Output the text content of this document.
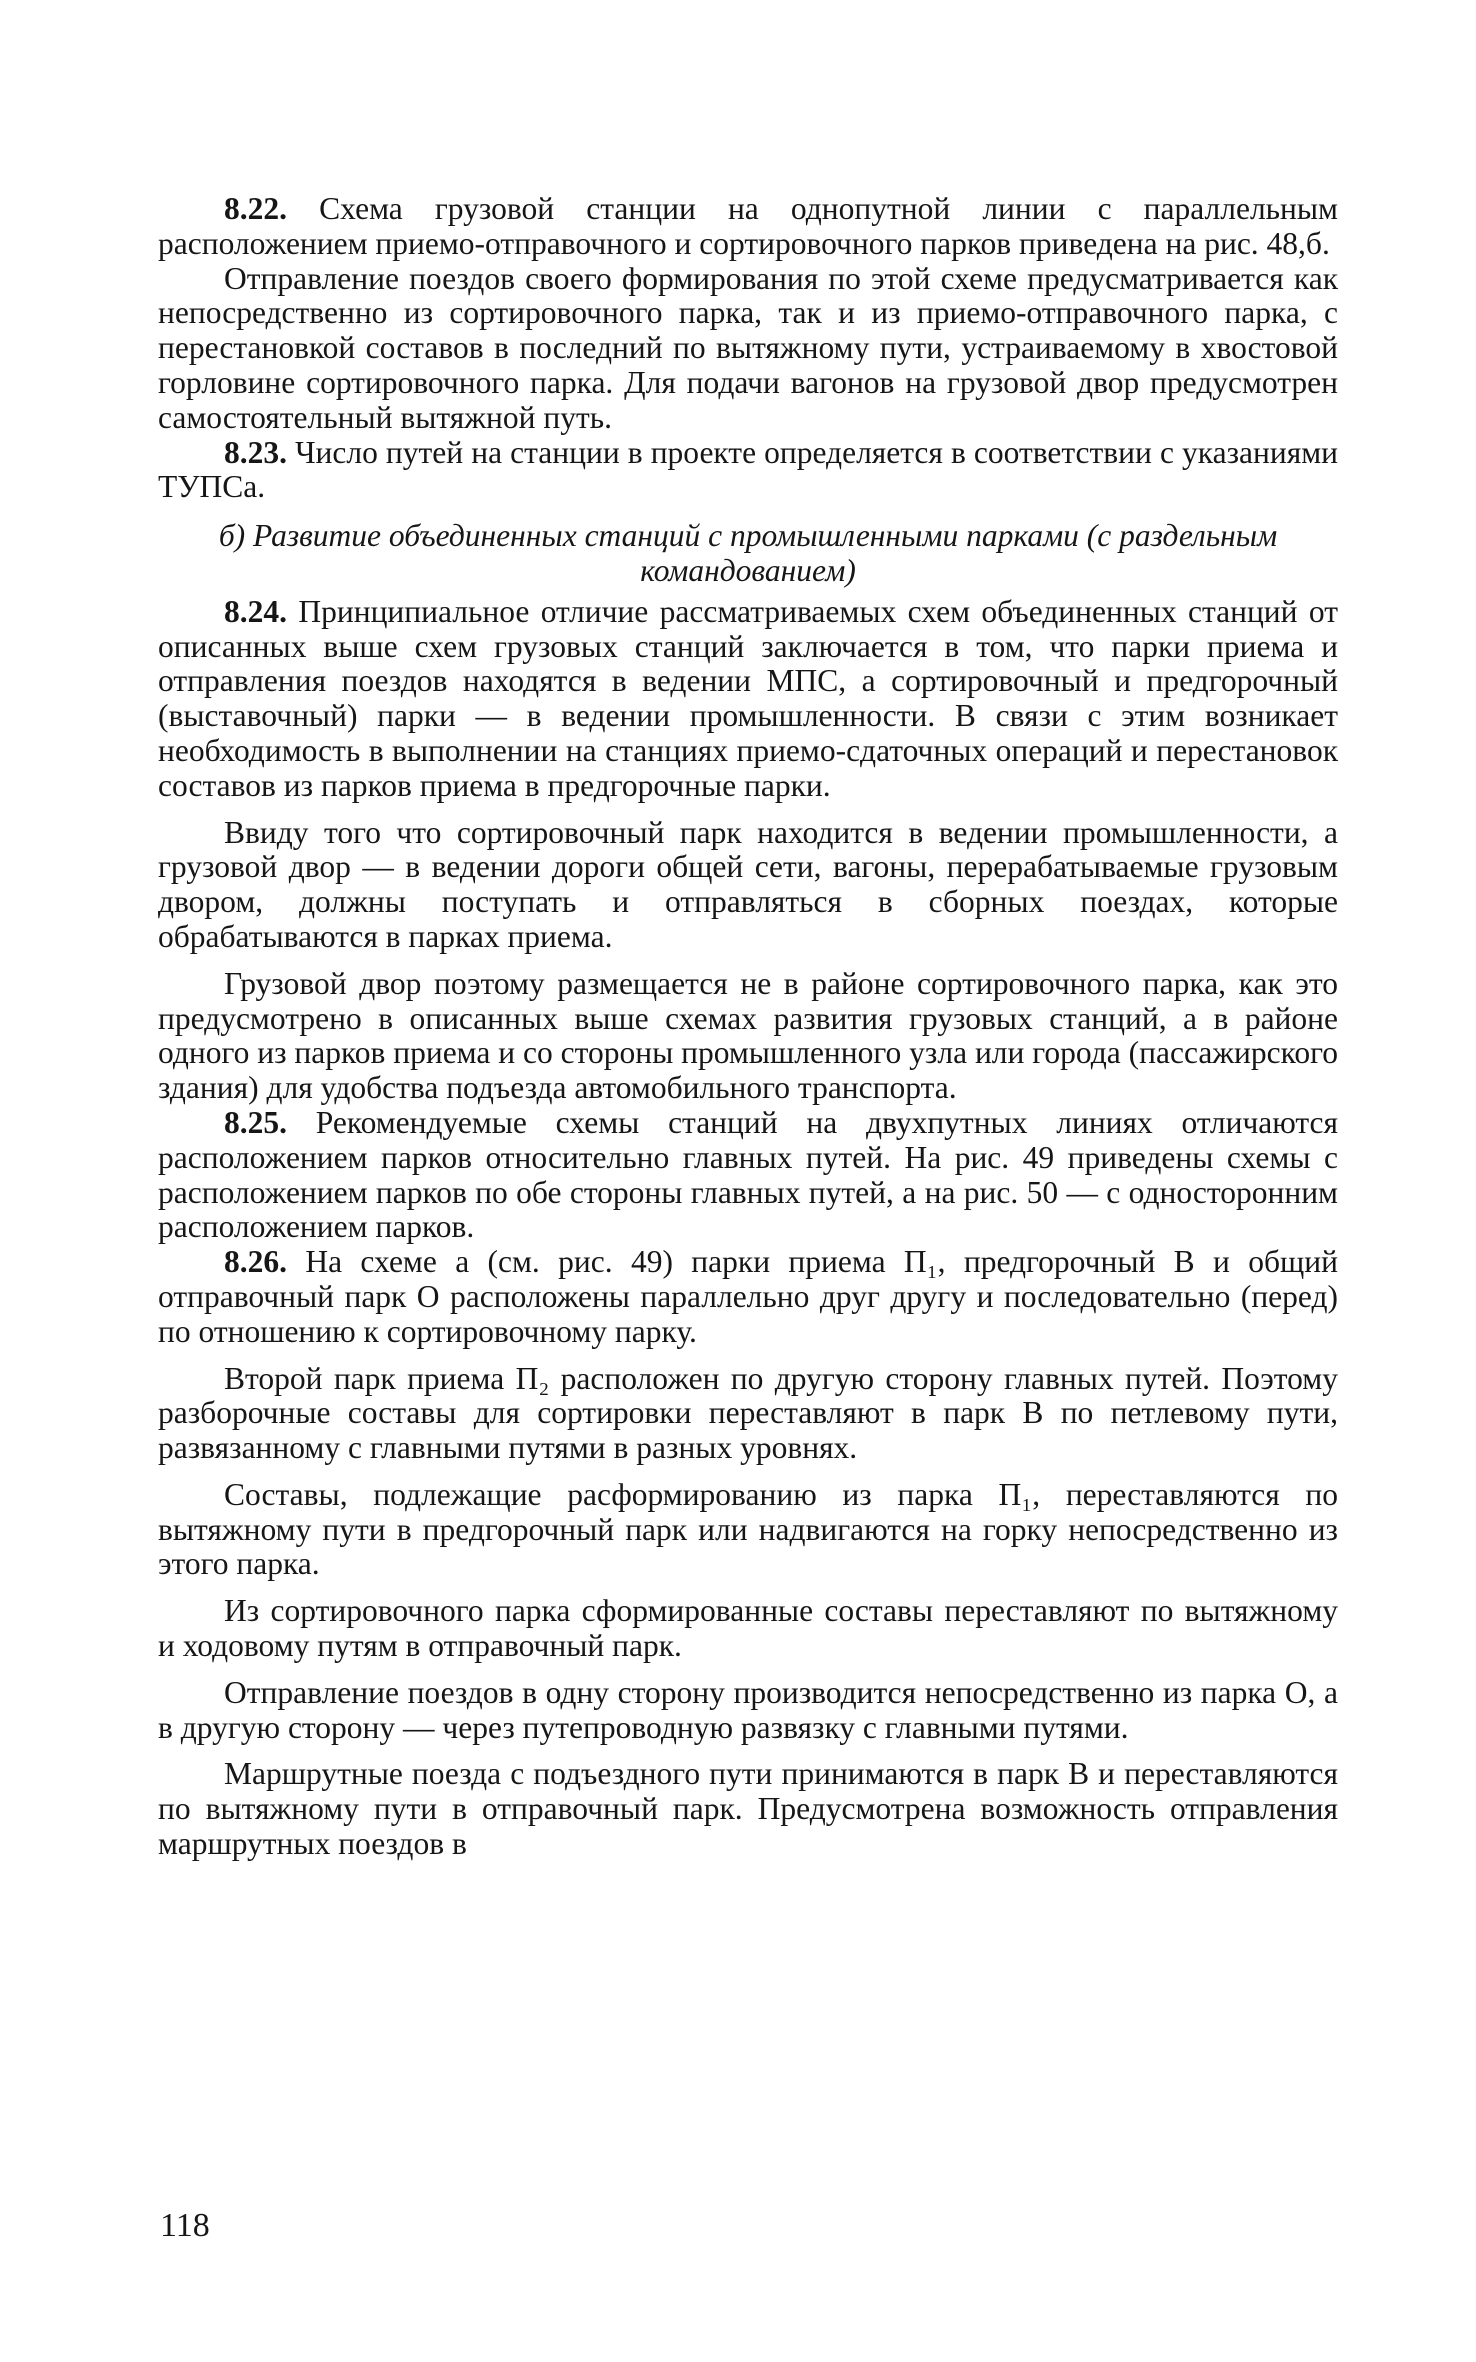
8.22. Схема грузовой станции на однопутной линии с параллельным расположением приемо-отправочного и сортировочного парков приведена на рис. 48,б.

Отправление поездов своего формирования по этой схеме предусматривается как непосредственно из сортировочного парка, так и из приемо-отправочного парка, с перестановкой составов в последний по вытяжному пути, устраиваемому в хвостовой горловине сортировочного парка. Для подачи вагонов на грузовой двор предусмотрен самостоятельный вытяжной путь.

8.23. Число путей на станции в проекте определяется в соответствии с указаниями ТУПСа.

б) Развитие объединенных станций с промышленными парками (с раздельным командованием)

8.24. Принципиальное отличие рассматриваемых схем объединенных станций от описанных выше схем грузовых станций заключается в том, что парки приема и отправления поездов находятся в ведении МПС, а сортировочный и предгорочный (выставочный) парки — в ведении промышленности. В связи с этим возникает необходимость в выполнении на станциях приемо-сдаточных операций и перестановок составов из парков приема в предгорочные парки.

Ввиду того что сортировочный парк находится в ведении промышленности, а грузовой двор — в ведении дороги общей сети, вагоны, перерабатываемые грузовым двором, должны поступать и отправляться в сборных поездах, которые обрабатываются в парках приема.

Грузовой двор поэтому размещается не в районе сортировочного парка, как это предусмотрено в описанных выше схемах развития грузовых станций, а в районе одного из парков приема и со стороны промышленного узла или города (пассажирского здания) для удобства подъезда автомобильного транспорта.

8.25. Рекомендуемые схемы станций на двухпутных линиях отличаются расположением парков относительно главных путей. На рис. 49 приведены схемы с расположением парков по обе стороны главных путей, а на рис. 50 — с односторонним расположением парков.

8.26. На схеме а (см. рис. 49) парки приема П₁, предгорочный В и общий отправочный парк О расположены параллельно друг другу и последовательно (перед) по отношению к сортировочному парку.

Второй парк приема П₂ расположен по другую сторону главных путей. Поэтому разборочные составы для сортировки переставляют в парк В по петлевому пути, развязанному с главными путями в разных уровнях.

Составы, подлежащие расформированию из парка П₁, переставляются по вытяжному пути в предгорочный парк или надвигаются на горку непосредственно из этого парка.

Из сортировочного парка сформированные составы переставляют по вытяжному и ходовому путям в отправочный парк.

Отправление поездов в одну сторону производится непосредственно из парка О, а в другую сторону — через путепроводную развязку с главными путями.

Маршрутные поезда с подъездного пути принимаются в парк В и переставляются по вытяжному пути в отправочный парк. Предусмотрена возможность отправления маршрутных поездов в

118
